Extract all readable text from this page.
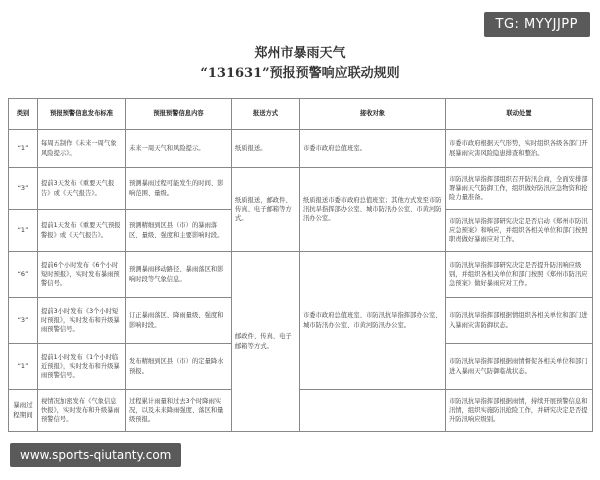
TG: MYYJJPP
郑州市暴雨天气
“131631”预报预警响应联动规则
类别	预报预警信息发布标准	预报预警信息内容	报送方式	接收对象	联动处置
“1”	每周五制作《未来一周气象风险提示》。	未来一周天气和风险提示。	纸质报送。	市委市政府总值班室。	市委市政府根据天气形势，实时组织各级各部门开展暴雨灾害风险隐患排查和整治。
“3”	提前3天发布《重要天气报告》或《天气报告》。	预测暴雨过程可能发生的时间、影响范围、量级。	纸质报送，邮政件、传真、电子邮箱等方式。	纸质报送市委市政府总值班室；其他方式发至市防汛抗旱指挥部办公室、城市防汛办公室、市黄河防汛办公室。	市防汛抗旱指挥部组织召开防汛会商，全面安排部署暴雨天气防御工作，组织做好防汛应急物资和抢险力量准备。
“1”	提前1天发布《重要天气预报警报》或《天气报告》。	预测精细到区县（市）的暴雨落区、量级、强度和主要影响时段。			市防汛抗旱指挥部研究决定是否启动《郑州市防汛应急预案》和响应，并组织各相关单位和部门按照职责做好暴雨应对工作。
“6”	提前6个小时发布《6个小时短时预报》，实时发布暴雨预警信号。	预测暴雨移动路径、暴雨落区和影响时段等气象信息。	邮政件、传真、电子邮箱等方式。	市委市政府总值班室、市防汛抗旱指挥部办公室、城市防汛办公室、市黄河防汛办公室。	市防汛抗旱指挥部研究决定是否提升防汛响应级别，并组织各相关单位和部门按照《郑州市防汛应急预案》做好暴雨应对工作。
“3”	提前3小时发布《3个小时短时预报》，实时发布和升级暴雨预警信号。	订正暴雨落区、降雨量级、强度和影响时段。			市防汛抗旱指挥部根据情组织各相关单位和部门进入暴雨灾害防御状态。
“1”	提前1小时发布《1个小时临近预报》，实时发布和升级暴雨预警信号。	发布精细到区县（市）的定量降水预报。			市防汛抗旱指挥部根据雨情督促各相关单位和部门进入暴雨天气防御临战状态。
暴雨过程期间	视情况加密发布《气象信息快报》，实时发布和升级暴雨预警信号。	过程累计雨量和过去3个时降雨实况，以及未来降雨强度、落区和量级预报。			市防汛抗旱指挥部根据雨情，持续开展预警信息和汛情，组织实施防汛抢险工作，并研究决定是否提升防汛响应级别。
www.sports-qiutanty.com
